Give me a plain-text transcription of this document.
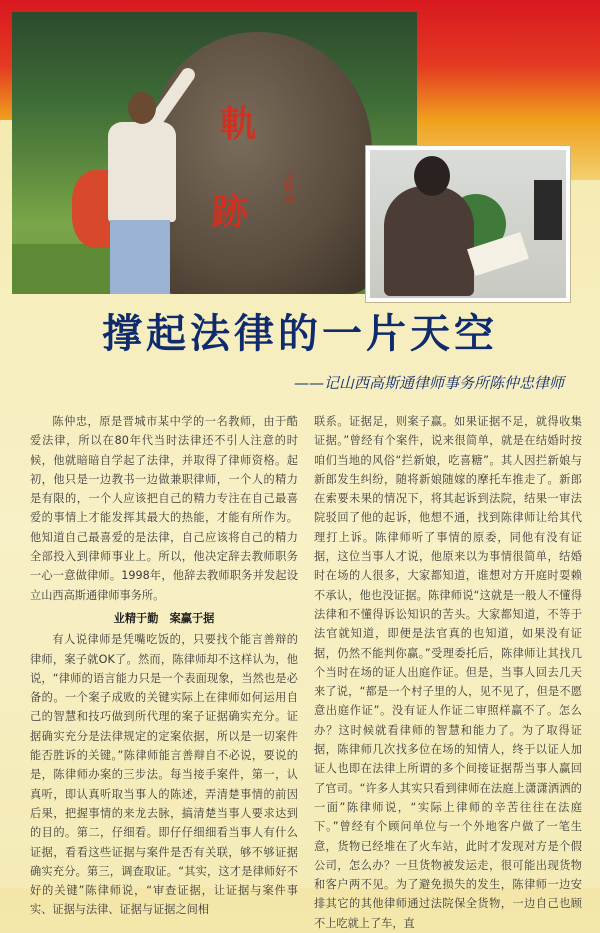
軌
跡
成林題
撑起法律的一片天空
——记山西高斯通律师事务所陈仲忠律师

陈仲忠，原是晋城市某中学的一名教师，由于酷爱法律，所以在80年代当时法律还不引人注意的时候，他就暗暗自学起了法律，并取得了律师资格。起初，他只是一边教书一边做兼职律师，一个人的精力是有限的，一个人应该把自己的精力专注在自己最喜爱的事情上才能发挥其最大的热能，才能有所作为。他知道自己最喜爱的是法律，自己应该将自己的精力全部投入到律师事业上。所以，他决定辞去教师职务一心一意做律师。1998年，他辞去教师职务并发起设立山西高斯通律师事务所。

业精于勤　案赢于据

有人说律师是凭嘴吃饭的，只要找个能言善辩的律师，案子就OK了。然而，陈律师却不这样认为，他说，“律师的语言能力只是一个表面现象，当然也是必备的。一个案子成败的关键实际上在律师如何运用自己的智慧和技巧做到所代理的案子证据确实充分。证据确实充分是法律规定的定案依据，所以是一切案件能否胜诉的关键。”陈律师能言善辩自不必说，要说的是，陈律师办案的三步法。每当接手案件，第一，认真听，即认真听取当事人的陈述，弄清楚事情的前因后果，把握事情的来龙去脉，搞清楚当事人要求达到的目的。第二，仔细看。即仔仔细细看当事人有什么证据，看看这些证据与案件是否有关联，够不够证据确实充分。第三，调查取证。“其实，这才是律师好不好的关键”陈律师说，“审查证据，让证据与案件事实、证据与法律、证据与证据之间相

联系。证据足，则案子赢。如果证据不足，就得收集证据。”曾经有个案件，说来很简单，就是在结婚时按咱们当地的风俗“拦新娘，吃喜糖”。其人因拦新娘与新郎发生纠纷，随将新娘随嫁的摩托车推走了。新郎在索要未果的情况下，将其起诉到法院，结果一审法院驳回了他的起诉，他想不通，找到陈律师让给其代理打上诉。陈律师听了事情的原委，同他有没有证据，这位当事人才说，他原来以为事情很简单，结婚时在场的人很多，大家都知道，谁想对方开庭时耍赖不承认，他也没证据。陈律师说“这就是一般人不懂得法律和不懂得诉讼知识的苦头。大家都知道，不等于法官就知道，即便是法官真的也知道，如果没有证据，仍然不能判你赢。”受理委托后，陈律师让其找几个当时在场的证人出庭作证。但是，当事人回去几天来了说，“都是一个村子里的人，见不见了，但是不愿意出庭作证”。没有证人作证二审照样赢不了。怎么办？这时候就看律师的智慧和能力了。为了取得证据，陈律师几次找多位在场的知情人，终于以证人加证人也即在法律上所谓的多个间接证据帮当事人赢回了官司。“许多人其实只看到律师在法庭上潇潇洒洒的一面”陈律师说，“实际上律师的辛苦往往在法庭下。”曾经有个顾问单位与一个外地客户做了一笔生意，货物已经堆在了火车站，此时才发现对方是个假公司，怎么办？一旦货物被发运走，很可能出现货物和客户两不见。为了避免损失的发生，陈律师一边安排其它的其他律师通过法院保全货物，一边自己也顾不上吃就上了车，直
